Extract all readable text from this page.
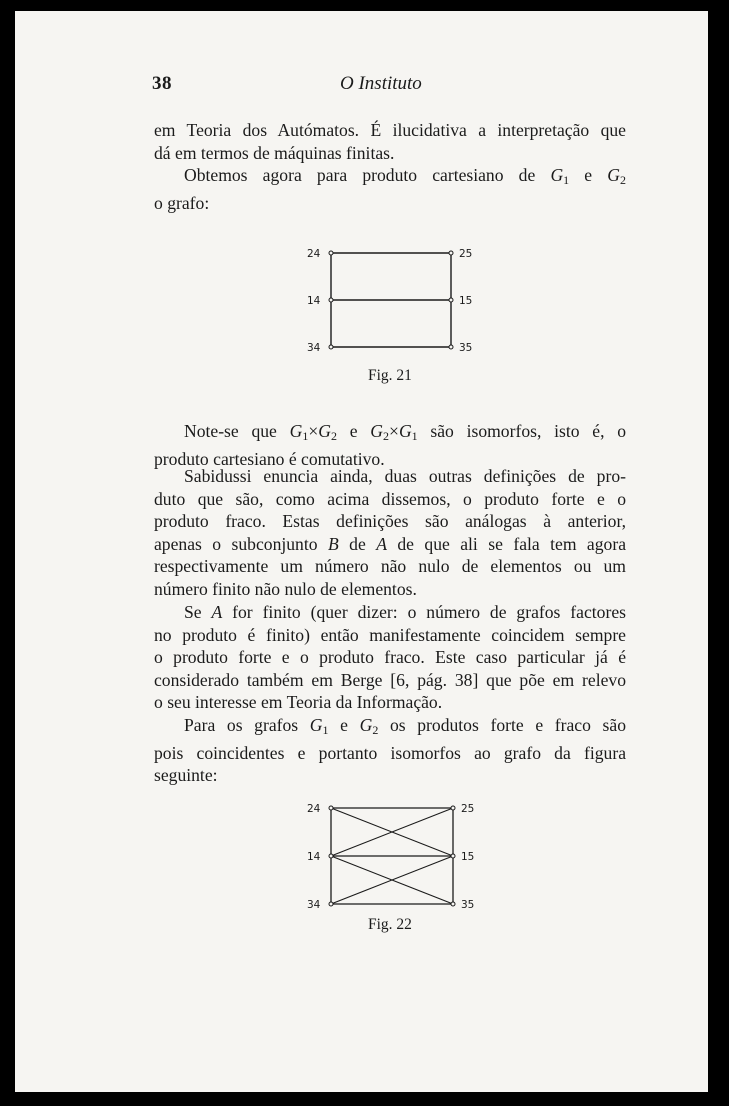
38	O Instituto
em Teoria dos Autómatos. É ilucidativa a interpretação que
dá em termos de máquinas finitas.
Obtemos agora para produto cartesiano de $G_1$ e $G_2$
o grafo:
24
14
34
25
15
35
Fig. 21
Note-se que $G_1\times G_2$ e $G_2\times G_1$ são isomorfos, isto é, o
produto cartesiano é comutativo.
Sabidussi enuncia ainda, duas outras definições de pro-
duto que são, como acima dissemos, o produto forte e o
produto fraco. Estas definições são análogas à anterior,
apenas o subconjunto B de A de que ali se fala tem agora
respectivamente um número não nulo de elementos ou um
número finito não nulo de elementos.
Se A for finito (quer dizer: o número de grafos factores
no produto é finito) então manifestamente coincidem sempre
o produto forte e o produto fraco. Este caso particular já é
considerado também em Berge [6, pág. 38] que põe em relevo
o seu interesse em Teoria da Informação.
Para os grafos $G_1$ e $G_2$ os produtos forte e fraco são
pois coincidentes e portanto isomorfos ao grafo da figura
seguinte:
24
14
34
25
15
35
Fig. 22
